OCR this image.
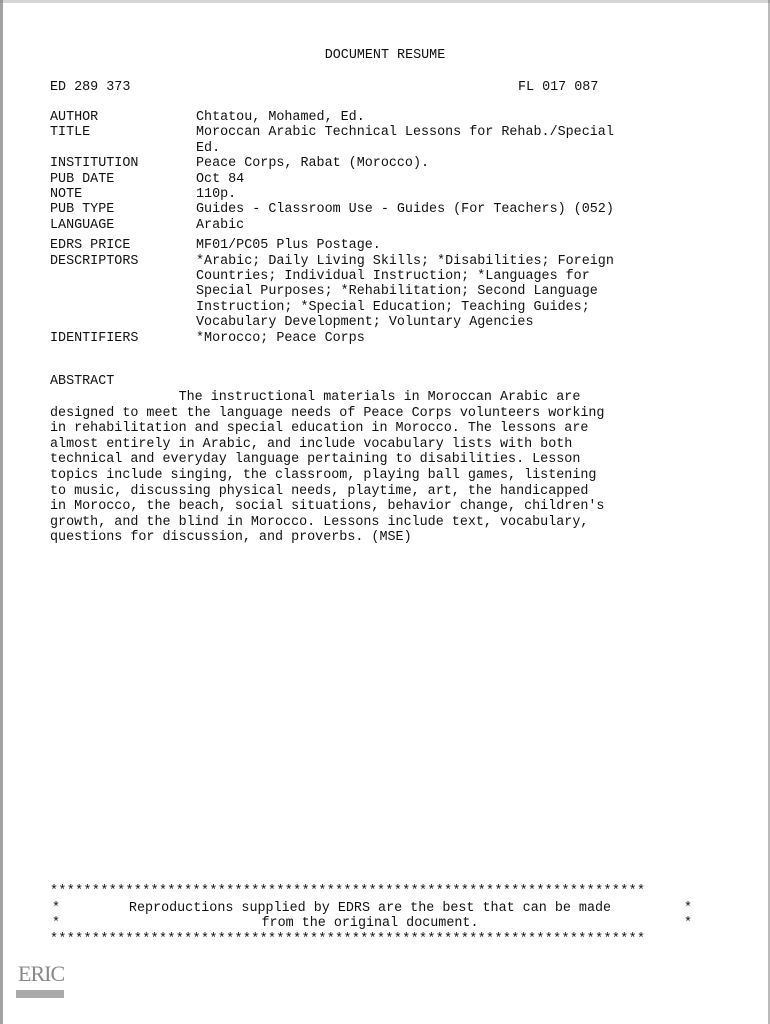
DOCUMENT RESUME
ED 289 373	FL 017 087
AUTHOR	Chtatou, Mohamed, Ed.
TITLE	Moroccan Arabic Technical Lessons for Rehab./Special
Ed.
INSTITUTION	Peace Corps, Rabat (Morocco).
PUB DATE	Oct 84
NOTE	110p.
PUB TYPE	Guides - Classroom Use - Guides (For Teachers) (052)
LANGUAGE	Arabic
EDRS PRICE	MF01/PC05 Plus Postage.
DESCRIPTORS	*Arabic; Daily Living Skills; *Disabilities; Foreign
Countries; Individual Instruction; *Languages for
Special Purposes; *Rehabilitation; Second Language
Instruction; *Special Education; Teaching Guides;
Vocabulary Development; Voluntary Agencies
IDENTIFIERS	*Morocco; Peace Corps
ABSTRACT
The instructional materials in Moroccan Arabic are
designed to meet the language needs of Peace Corps volunteers working
in rehabilitation and special education in Morocco. The lessons are
almost entirely in Arabic, and include vocabulary lists with both
technical and everyday language pertaining to disabilities. Lesson
topics include singing, the classroom, playing ball games, listening
to music, discussing physical needs, playtime, art, the handicapped
in Morocco, the beach, social situations, behavior change, children's
growth, and the blind in Morocco. Lessons include text, vocabulary,
questions for discussion, and proverbs. (MSE)
***********************************************************************
*	Reproductions supplied by EDRS are the best that can be made	*
*	from the original document.	*
***********************************************************************
ERIC
